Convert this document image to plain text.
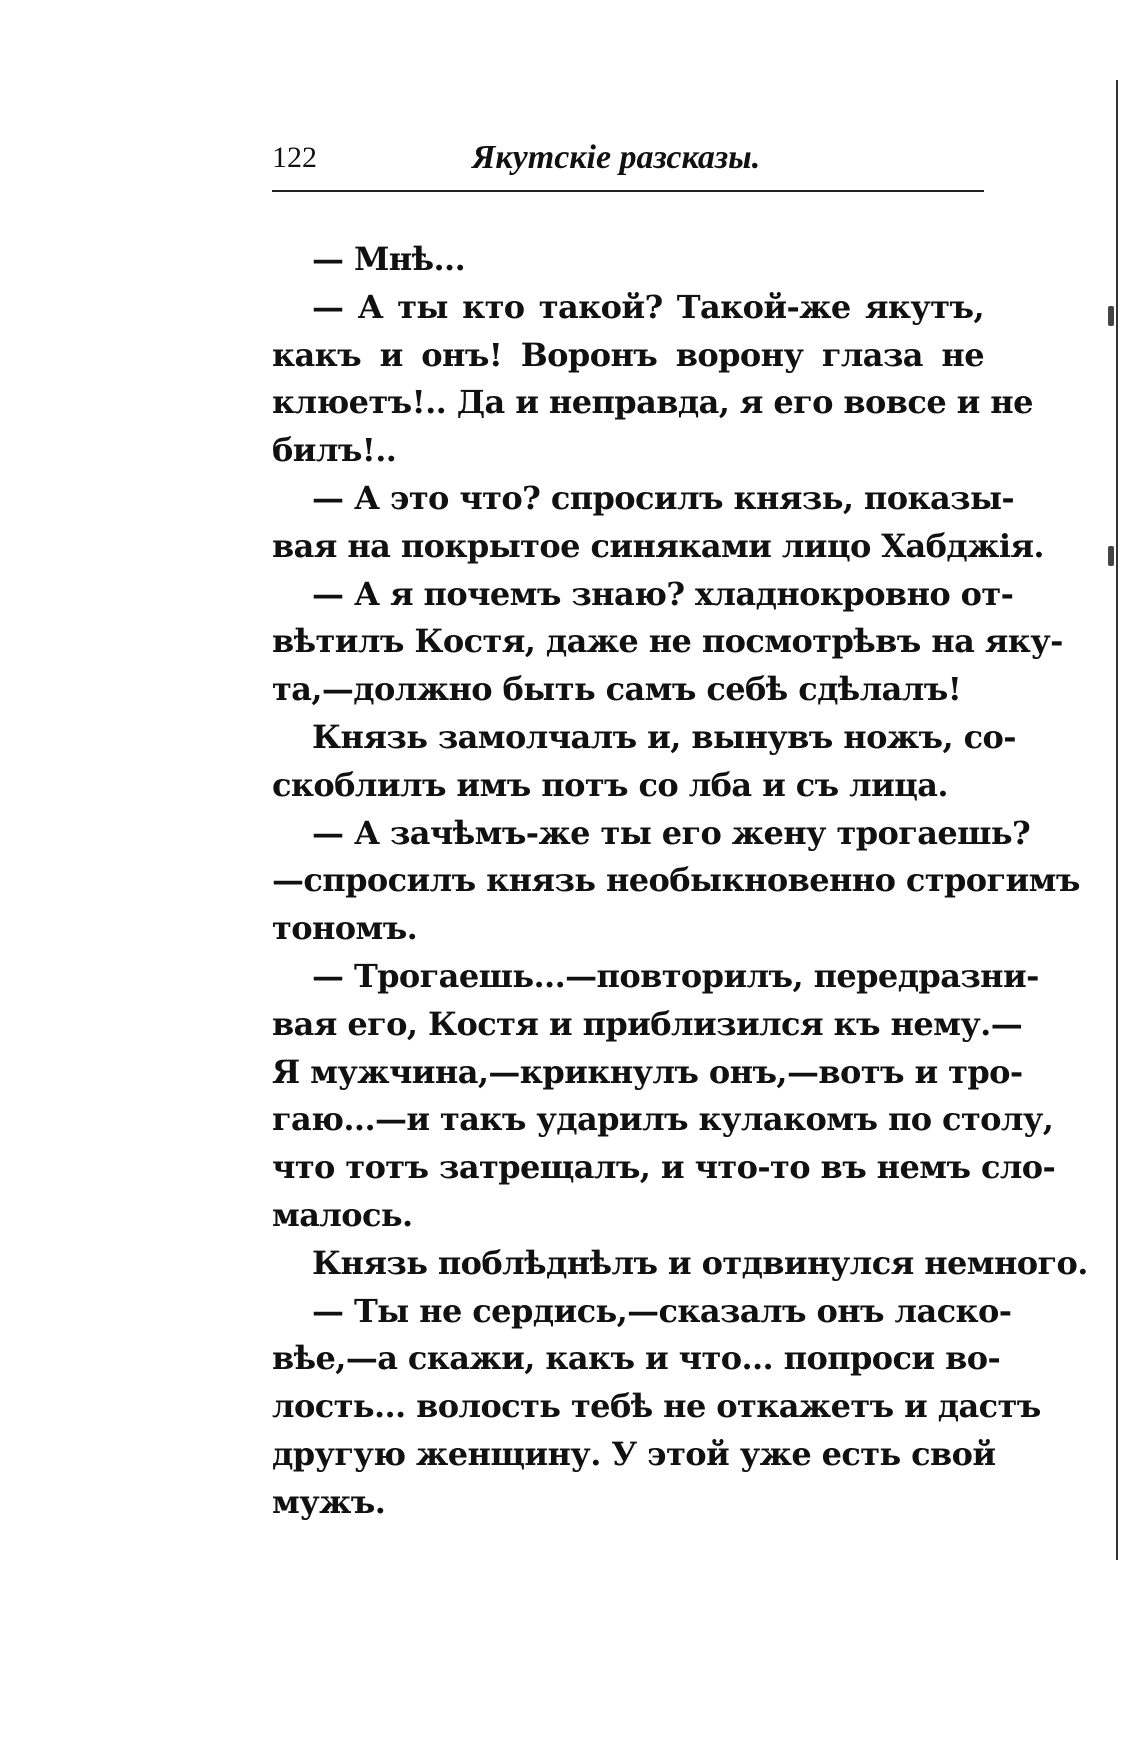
122	Якутскіе разсказы.
— Мнѣ...
— А ты кто такой? Такой-же якутъ,
какъ и онъ! Воронъ ворону глаза не
клюетъ!.. Да и неправда, я его вовсе и не
билъ!..
— А это что? спросилъ князь, показы-
вая на покрытое синяками лицо Хабджія.
— А я почемъ знаю? хладнокровно от-
вѣтилъ Костя, даже не посмотрѣвъ на яку-
та,—должно быть самъ себѣ сдѣлалъ!
Князь замолчалъ и, вынувъ ножъ, со-
скоблилъ имъ потъ со лба и съ лица.
— А зачѣмъ-же ты его жену трогаешь?
—спросилъ князь необыкновенно строгимъ
тономъ.
— Трогаешь...—повторилъ, передразни-
вая его, Костя и приблизился къ нему.—
Я мужчина,—крикнулъ онъ,—вотъ и тро-
гаю...—и такъ ударилъ кулакомъ по столу,
что тотъ затрещалъ, и что-то въ немъ сло-
малось.
Князь поблѣднѣлъ и отдвинулся немного.
— Ты не сердись,—сказалъ онъ ласко-
вѣе,—а скажи, какъ и что... попроси во-
лость... волость тебѣ не откажетъ и дастъ
другую женщину. У этой уже есть свой
мужъ.
